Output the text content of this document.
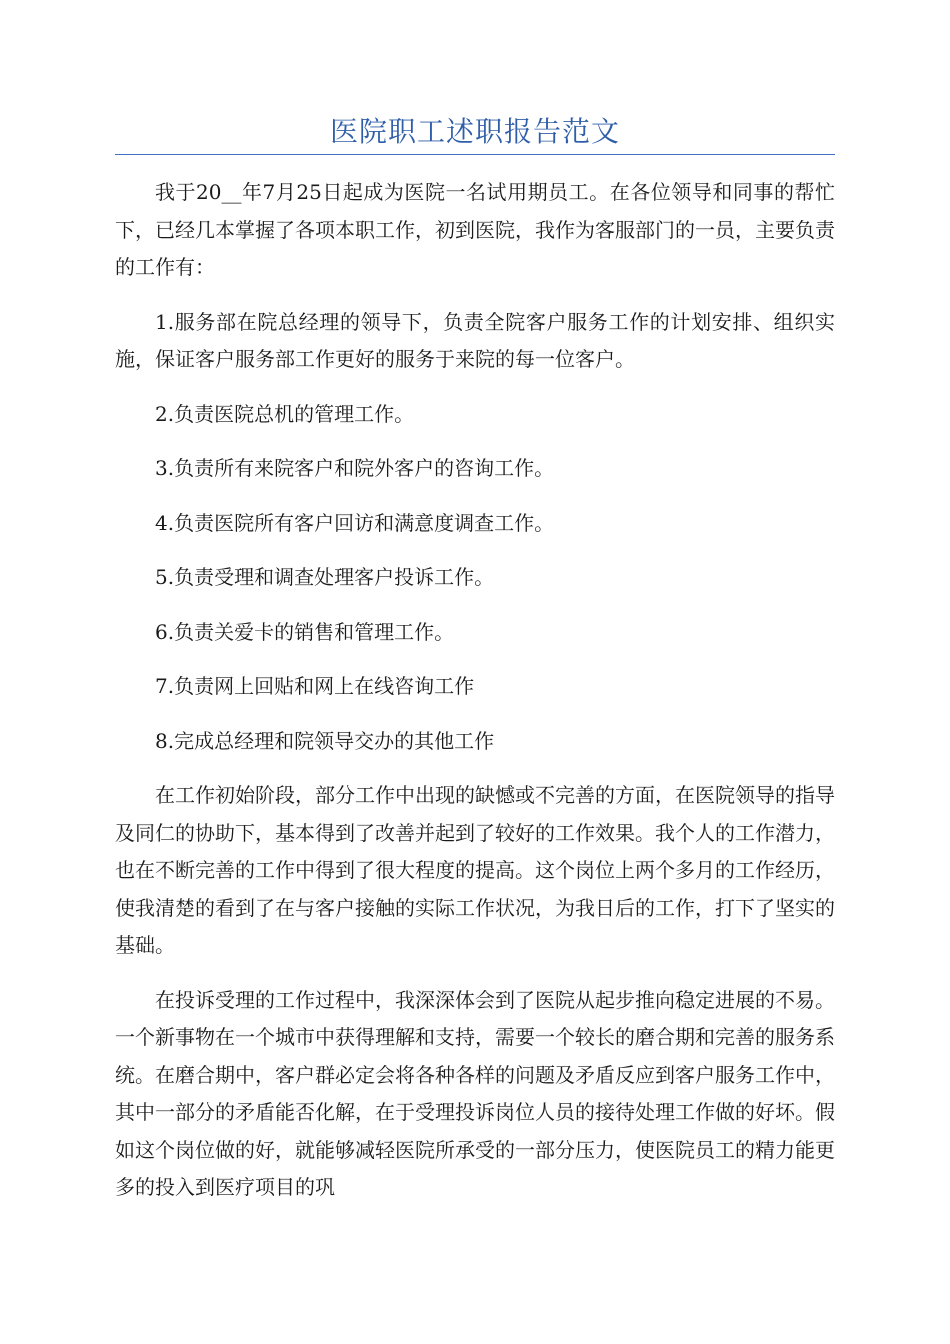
医院职工述职报告范文

我于20__年7月25日起成为医院一名试用期员工。在各位领导和同事的帮忙下，已经几本掌握了各项本职工作，初到医院，我作为客服部门的一员，主要负责的工作有：

1.服务部在院总经理的领导下，负责全院客户服务工作的计划安排、组织实施，保证客户服务部工作更好的服务于来院的每一位客户。

2.负责医院总机的管理工作。

3.负责所有来院客户和院外客户的咨询工作。

4.负责医院所有客户回访和满意度调查工作。

5.负责受理和调查处理客户投诉工作。

6.负责关爱卡的销售和管理工作。

7.负责网上回贴和网上在线咨询工作

8.完成总经理和院领导交办的其他工作

在工作初始阶段，部分工作中出现的缺憾或不完善的方面，在医院领导的指导及同仁的协助下，基本得到了改善并起到了较好的工作效果。我个人的工作潜力，也在不断完善的工作中得到了很大程度的提高。这个岗位上两个多月的工作经历，使我清楚的看到了在与客户接触的实际工作状况，为我日后的工作，打下了坚实的基础。

在投诉受理的工作过程中，我深深体会到了医院从起步推向稳定进展的不易。一个新事物在一个城市中获得理解和支持，需要一个较长的磨合期和完善的服务系统。在磨合期中，客户群必定会将各种各样的问题及矛盾反应到客户服务工作中，其中一部分的矛盾能否化解，在于受理投诉岗位人员的接待处理工作做的好坏。假如这个岗位做的好，就能够减轻医院所承受的一部分压力，使医院员工的精力能更多的投入到医疗项目的巩
